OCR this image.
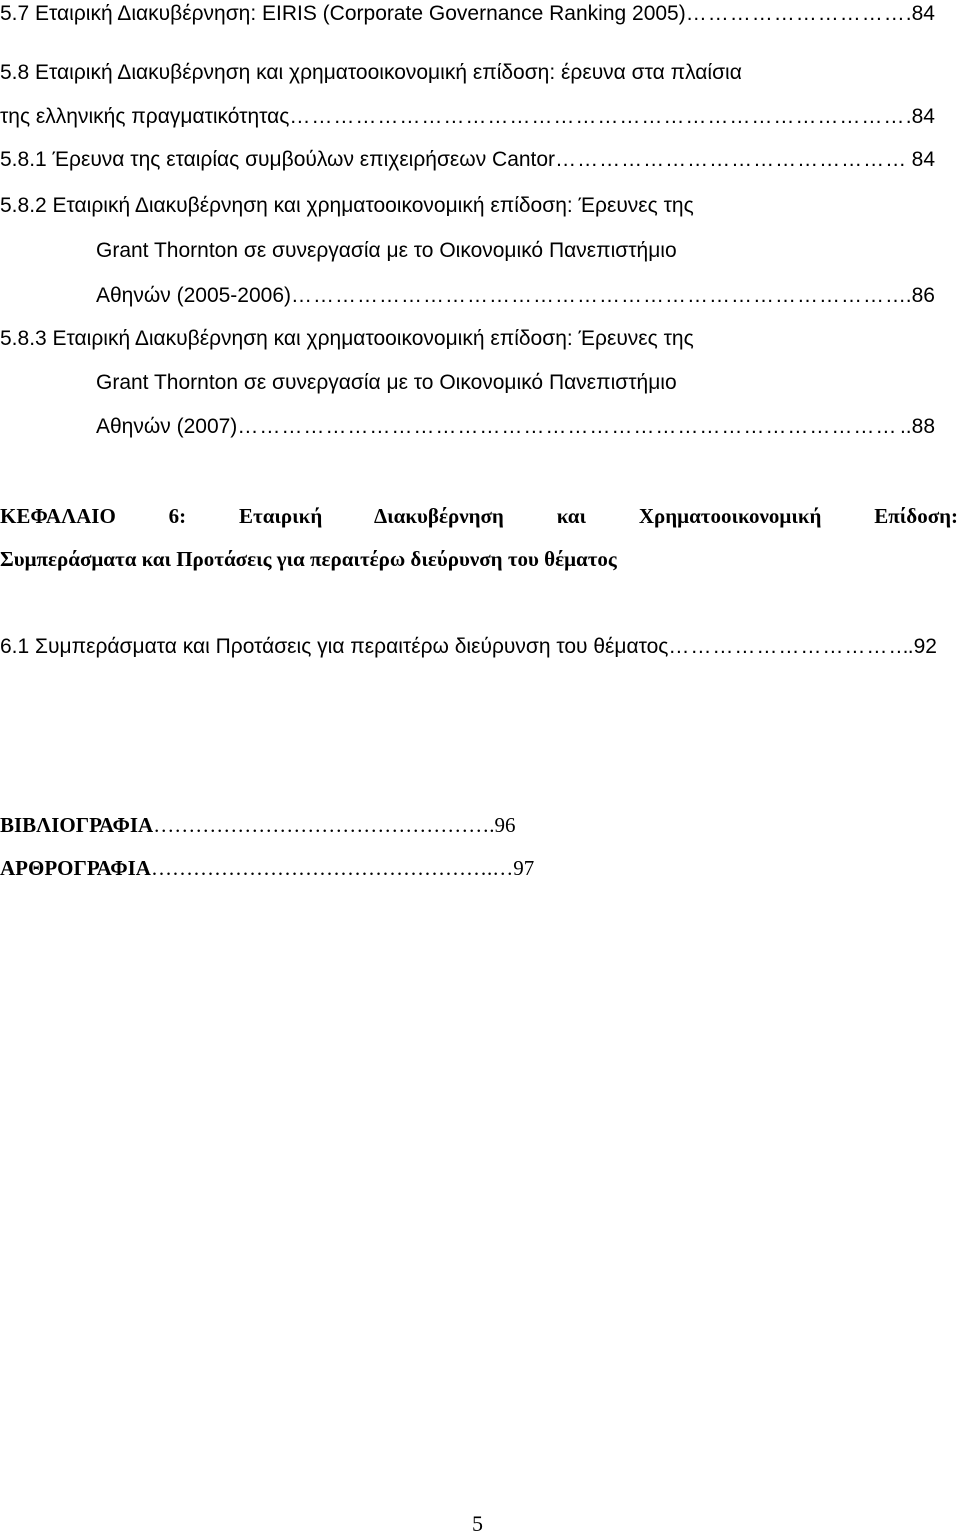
5.7 Εταιρική Διακυβέρνηση: EIRIS (Corporate Governance Ranking 2005) …………………………………………………………………………………………………………………	.84
5.8 Εταιρική Διακυβέρνηση και χρηματοοικονομική επίδοση: έρευνα στα πλαίσια
της ελληνικής πραγματικότητας …………………………………………………………………………………………………………………	.84
5.8.1 Έρευνα της εταιρίας συμβούλων επιχειρήσεων Cantor …………………………………………………………………………………………………………………	84
5.8.2 Εταιρική Διακυβέρνηση και χρηματοοικονομική επίδοση: Έρευνες της
Grant Thornton σε συνεργασία με το Οικονομικό Πανεπιστήμιο
Αθηνών (2005-2006) …………………………………………………………………………………………………………………	.86
5.8.3 Εταιρική Διακυβέρνηση και χρηματοοικονομική επίδοση: Έρευνες της
Grant Thornton σε συνεργασία με το Οικονομικό Πανεπιστήμιο
Αθηνών (2007) …………………………………………………………………………………………………………………	..88
ΚΕΦΑΛΑΙΟ	6:	Εταιρική Διακυβέρνηση	και	Χρηματοοικονομική	Επίδοση:
Συμπεράσματα και Προτάσεις για περαιτέρω διεύρυνση του θέματος
6.1 Συμπεράσματα και Προτάσεις για περαιτέρω διεύρυνση του θέματος …………………………………………………………………………………………………………………	.92
ΒΙΒΛΙΟΓΡΑΦΙΑ………………………………………….96
ΑΡΘΡΟΓΡΑΦΙΑ………………………………………….…97
5
